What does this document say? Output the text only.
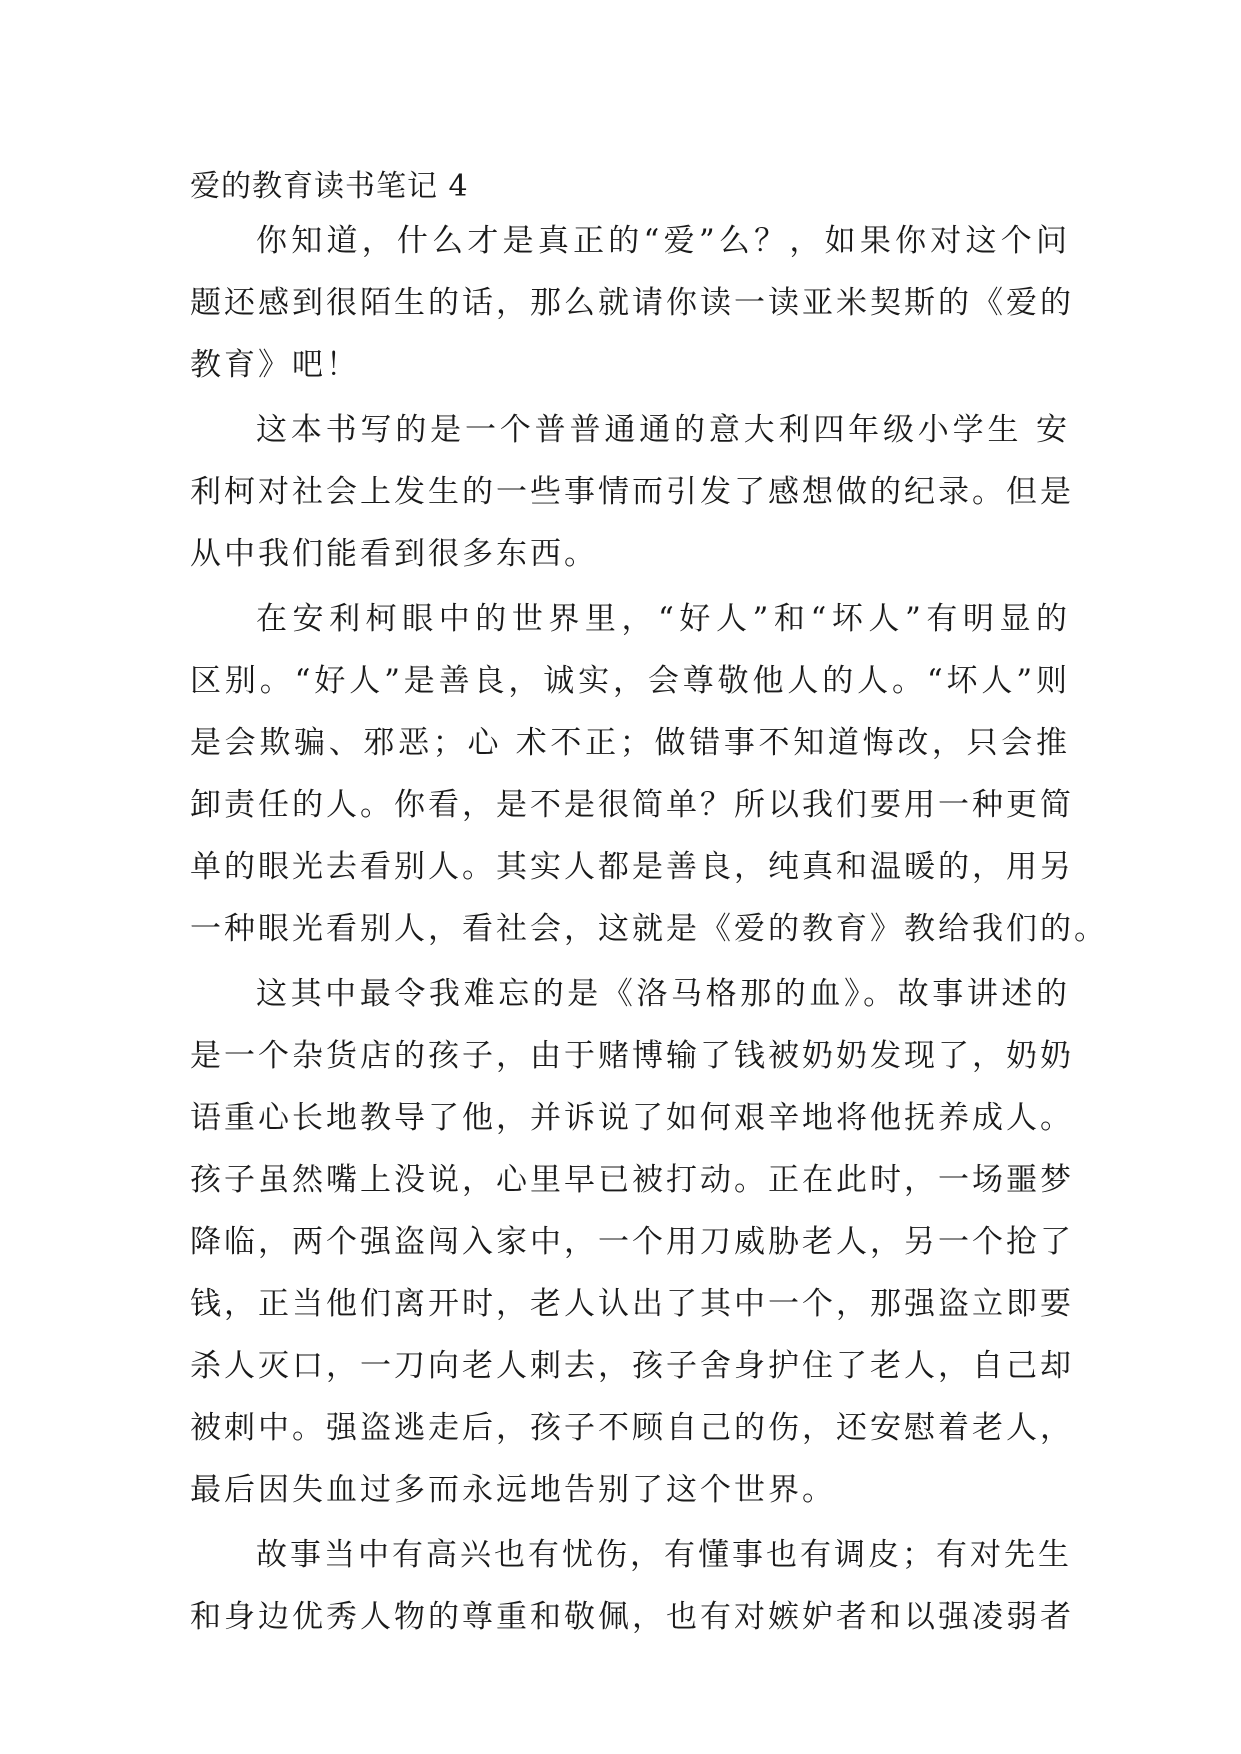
爱的教育读书笔记 4
你知道，什么才是真正的“爱”么？，如果你对这个问
题还感到很陌生的话，那么就请你读一读亚米契斯的《爱的
教育》吧！
这本书写的是一个普普通通的意大利四年级小学生 安
利柯对社会上发生的一些事情而引发了感想做的纪录。但是
从中我们能看到很多东西。
在安利柯眼中的世界里，“好人”和“坏人”有明显的
区别。“好人”是善良，诚实，会尊敬他人的人。“坏人”则
是会欺骗、邪恶；心 术不正；做错事不知道悔改，只会推
卸责任的人。你看，是不是很简单？所以我们要用一种更简
单的眼光去看别人。其实人都是善良，纯真和温暖的，用另
一种眼光看别人，看社会，这就是《爱的教育》教给我们的。
这其中最令我难忘的是《洛马格那的血》。故事讲述的
是一个杂货店的孩子，由于赌博输了钱被奶奶发现了，奶奶
语重心长地教导了他，并诉说了如何艰辛地将他抚养成人。
孩子虽然嘴上没说，心里早已被打动。正在此时，一场噩梦
降临，两个强盗闯入家中，一个用刀威胁老人，另一个抢了
钱，正当他们离开时，老人认出了其中一个，那强盗立即要
杀人灭口，一刀向老人刺去，孩子舍身护住了老人，自己却
被刺中。强盗逃走后，孩子不顾自己的伤，还安慰着老人，
最后因失血过多而永远地告别了这个世界。
故事当中有高兴也有忧伤，有懂事也有调皮；有对先生
和身边优秀人物的尊重和敬佩，也有对嫉妒者和以强凌弱者
